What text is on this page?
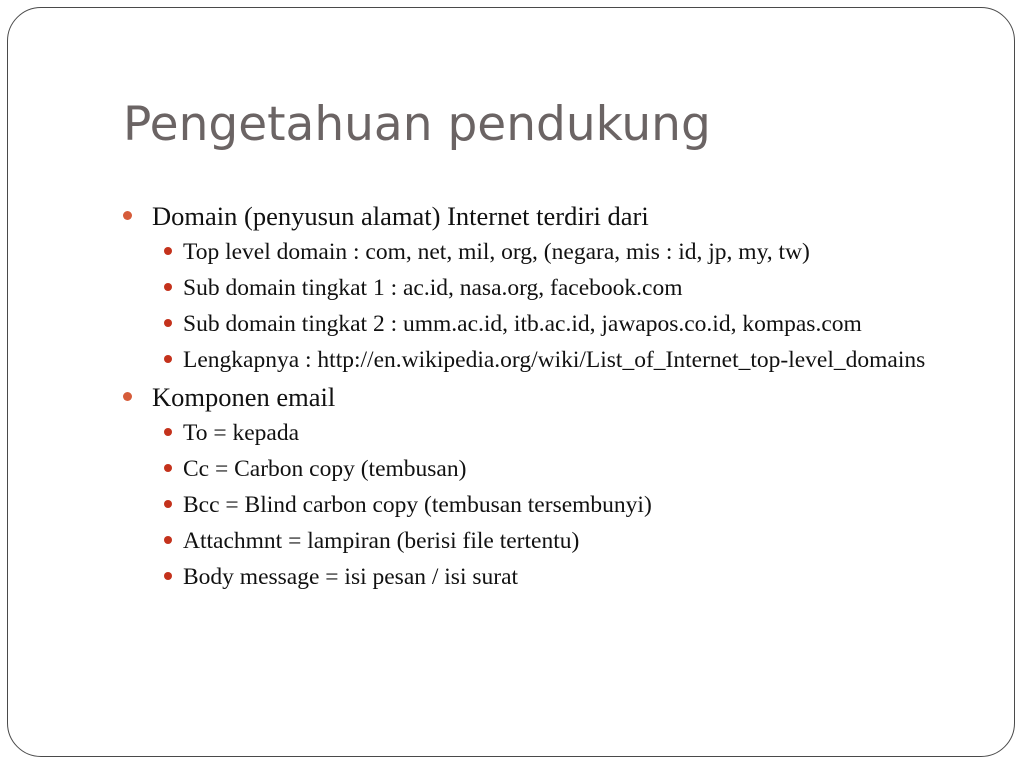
Pengetahuan pendukung
Domain (penyusun alamat) Internet terdiri dari
Top level domain : com, net, mil, org, (negara, mis : id, jp, my, tw)
Sub domain tingkat 1 : ac.id, nasa.org, facebook.com
Sub domain tingkat 2 : umm.ac.id, itb.ac.id, jawapos.co.id, kompas.com
Lengkapnya : http://en.wikipedia.org/wiki/List_of_Internet_top-level_domains
Komponen email
To = kepada
Cc = Carbon copy (tembusan)
Bcc = Blind carbon copy (tembusan tersembunyi)
Attachmnt = lampiran (berisi file tertentu)
Body message = isi pesan / isi surat
